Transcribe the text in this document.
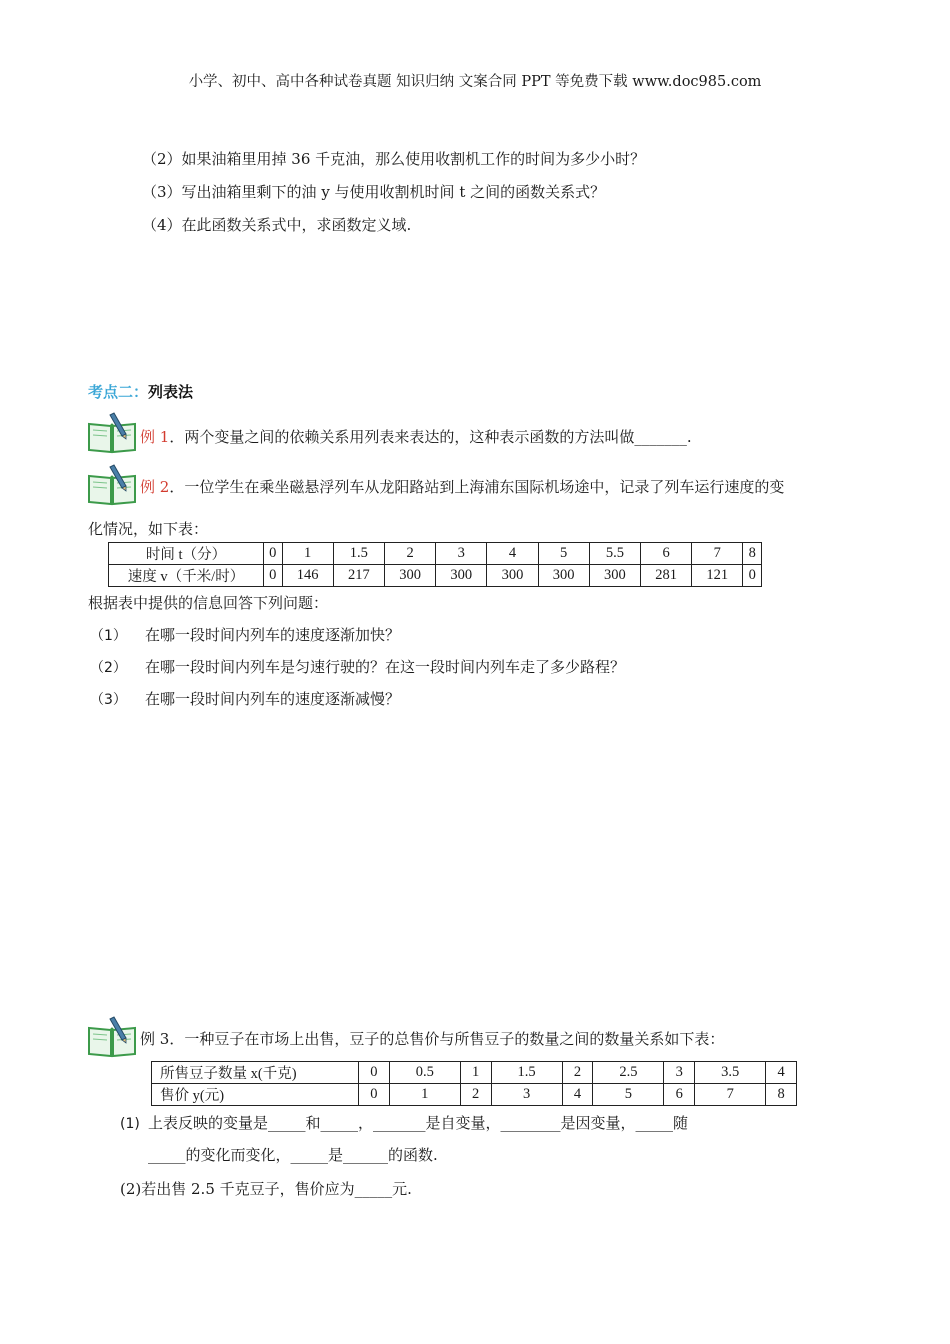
小学、初中、高中各种试卷真题 知识归纳 文案合同 PPT 等免费下载 www.doc985.com
（2）如果油箱里用掉 36 千克油，那么使用收割机工作的时间为多少小时？
（3）写出油箱里剩下的油 y 与使用收割机时间 t 之间的函数关系式？
（4）在此函数关系式中，求函数定义域.
考点二：列表法
例 1．两个变量之间的依赖关系用列表来表达的，这种表示函数的方法叫做_______.
例 2．一位学生在乘坐磁悬浮列车从龙阳路站到上海浦东国际机场途中，记录了列车运行速度的变
化情况，如下表：
时间 t（分）	0	1	1.5	2	3	4	5	5.5	6	7	8
速度 v（千米/时）	0	146	217	300	300	300	300	300	281	121	0
根据表中提供的信息回答下列问题：
（1） 在哪一段时间内列车的速度逐渐加快？
（2） 在哪一段时间内列车是匀速行驶的？在这一段时间内列车走了多少路程？
（3） 在哪一段时间内列车的速度逐渐减慢？
例 3．一种豆子在市场上出售，豆子的总售价与所售豆子的数量之间的数量关系如下表：
所售豆子数量 x(千克)	0	0.5	1	1.5	2	2.5	3	3.5	4
售价 y(元)	0	1	2	3	4	5	6	7	8
(1) 上表反映的变量是_____和_____，_______是自变量，________是因变量，_____随
_____的变化而变化，_____是______的函数.
(2)若出售 2.5 千克豆子，售价应为_____元.
